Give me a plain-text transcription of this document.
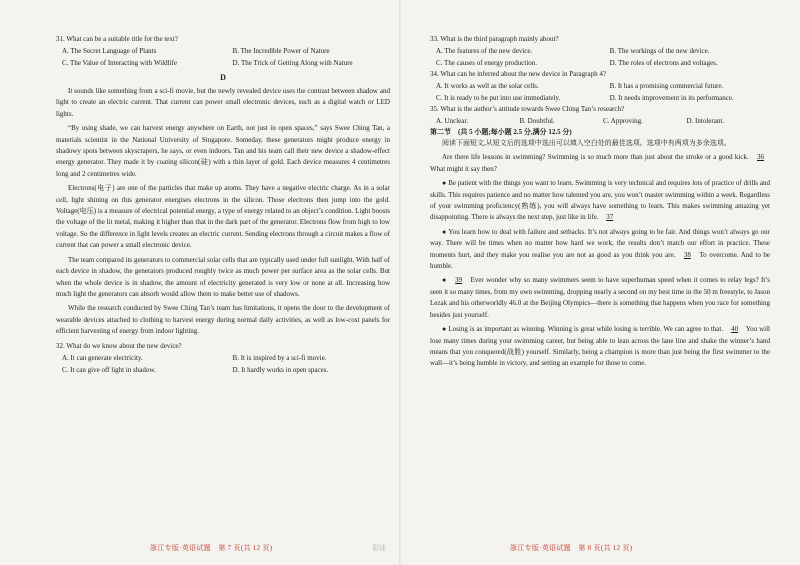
31. What can be a suitable title for the text?

A. The Secret Language of Plants	B. The Incredible Power of Nature
C. The Value of Interacting with Wildlife	D. The Trick of Getting Along with Nature
D

It sounds like something from a sci-fi movie, but the newly revealed device uses the contrast between shadow and light to create an electric current. That current can power small electronic devices, such as a digital watch or LED lights.

“By using shade, we can harvest energy anywhere on Earth, not just in open spaces,” says Swee Ching Tan, a materials scientist in the National University of Singapore. Someday, these generators might produce energy in shadowy spots between skyscrapers, he says, or even indoors. Tan and his team call their new device a shadow-effect energy generator. They made it by coating silicon(硅) with a thin layer of gold. Each device measures 4 centimetres long and 2 centimetres wide.

Electrons(电子) are one of the particles that make up atoms. They have a negative electric charge. As in a solar cell, light shining on this generator energises electrons in the silicon. Those electrons then jump into the gold. Voltage(电压) is a measure of electrical potential energy, a type of energy related to an object’s condition. Light boosts the voltage of the lit metal, making it higher than that in the dark part of the generator. Electrons flow from high to low voltage. So the difference in light levels creates an electric current. Sending electrons through a circuit makes a flow of current that can power a small electronic device.

The team compared its generators to commercial solar cells that are typically used under full sunlight. With half of each device in shadow, the generators produced roughly twice as much power per surface area as the solar cells. But when the whole device is in shadow, the amount of electricity generated is very low or none at all. Increasing how much light the generators can absorb would allow them to make better use of shadows.

While the research conducted by Swee Ching Tan’s team has limitations, it opens the door to the development of wearable devices attached to clothing to harvest energy during normal daily activities, as well as low-cost panels for efficient harvesting of energy from indoor lighting.

32. What do we know about the new device?

A. It can generate electricity.	B. It is inspired by a sci-fi movie.
C. It can give off light in shadow.	D. It hardly works in open spaces.
浙江专版·英语试题　第 7 页(共 12 页)	彩洼

33. What is the third paragraph mainly about?

A. The features of the new device.	B. The workings of the new device.
C. The causes of energy production.	D. The roles of electrons and voltages.

34. What can be inferred about the new device in Paragraph 4?

A. It works as well as the solar cells.	B. It has a promising commercial future.
C. It is ready to be put into use immediately.	D. It needs improvement in its performance.

35. What is the author’s attitude towards Swee Ching Tan’s research?

A. Unclear.	B. Doubtful.	C. Approving.	D. Intolerant.

第二节　(共 5 小题;每小题 2.5 分,满分 12.5 分)

阅读下面短文,从短文后的选项中选出可以填入空白处的最佳选项。选项中有两项为多余选项。

Are there life lessons in swimming? Swimming is so much more than just about the stroke or a good kick. 36 What might it say then?

● Be patient with the things you want to learn. Swimming is very technical and requires lots of practice of drills and skills. This requires patience and no matter how talented you are, you won’t master swimming within a week. Regardless of your swimming proficiency(熟练), you will always have something to learn. This makes swimming amazing yet disappointing. There is always the next step, just like in life. 37

● You learn how to deal with failure and setbacks. It’s not always going to be fair. And things won’t always go our way. There will be times when no matter how hard we work, the results don’t match our effort in practice. These moments hurt, and they make you realise you are not as good as you think you are. 38 To overcome. And to be humble.

● 39 Ever wonder why so many swimmers seem to have superhuman speed when it comes to relay legs? It’s seen it so many times, from my own swimming, dropping nearly a second on my best time in the 50 m freestyle, to Jason Lezak and his otherworldly 46.0 at the Beijing Olympics—there is something that happens when you race for something besides just yourself.

● Losing is as important as winning. Winning is great while losing is terrible. We can agree to that. 40 You will lose many times during your swimming career, but being able to lean across the lane line and shake the winner’s hand means that you conquered(战胜) yourself. Similarly, being a champion is more than just being the first swimmer to the wall—it’s being humble in victory, and setting an example for those to come.

浙江专版·英语试题　第 8 页(共 12 页)
